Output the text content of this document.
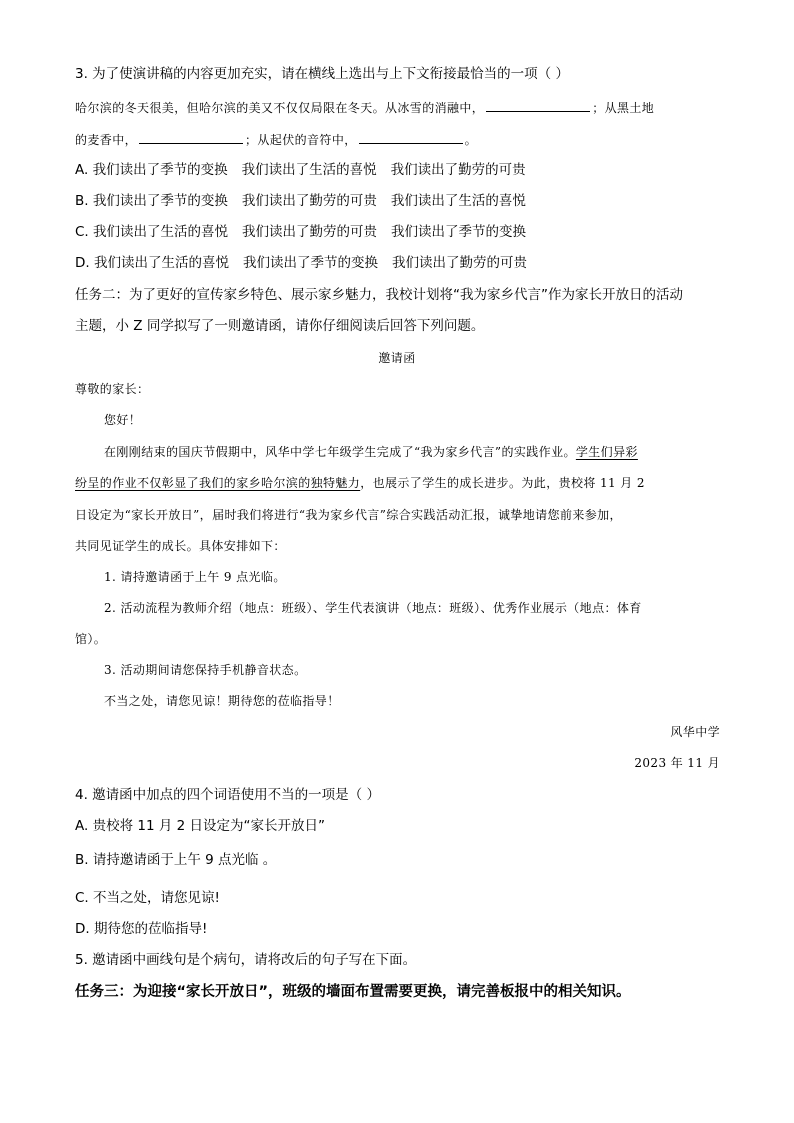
3. 为了使演讲稿的内容更加充实，请在横线上选出与上下文衔接最恰当的一项（ ）
哈尔滨的冬天很美，但哈尔滨的美又不仅仅局限在冬天。从冰雪的消融中，	；从黑土地
的麦香中，	；从起伏的音符中，	。
A. 我们读出了季节的变换 我们读出了生活的喜悦 我们读出了勤劳的可贵
B. 我们读出了季节的变换 我们读出了勤劳的可贵 我们读出了生活的喜悦
C. 我们读出了生活的喜悦 我们读出了勤劳的可贵 我们读出了季节的变换
D. 我们读出了生活的喜悦 我们读出了季节的变换 我们读出了勤劳的可贵
任务二：为了更好的宣传家乡特色、展示家乡魅力，我校计划将“我为家乡代言”作为家长开放日的活动
主题，小 Z 同学拟写了一则邀请函，请你仔细阅读后回答下列问题。
邀请函
尊敬的家长：
您好！
在刚刚结束的国庆节假期中，风华中学七年级学生完成了“我为家乡代言”的实践作业。学生们异彩
纷呈的作业不仅彰显了我们的家乡哈尔滨的独特魅力，也展示了学生的成长进步。为此，贵校将 11 月 2
日设定为“家长开放日”，届时我们将进行“我为家乡代言”综合实践活动汇报，诚挚地请您前来参加，
共同见证学生的成长。具体安排如下：
1. 请持邀请函于上午 9 点光临。
2. 活动流程为教师介绍（地点：班级）、学生代表演讲（地点：班级）、优秀作业展示（地点：体育
馆）。
3. 活动期间请您保持手机静音状态。
不当之处，请您见谅！期待您的莅临指导！
风华中学
2023 年 11 月
4. 邀请函中加点的四个词语使用不当的一项是（ ）
A. 贵校将 11 月 2 日设定为“家长开放日”
B. 请持邀请函于上午 9 点光临 。
C. 不当之处，请您见谅!
D. 期待您的莅临指导!
5. 邀请函中画线句是个病句，请将改后的句子写在下面。
任务三：为迎接“家长开放日”，班级的墙面布置需要更换，请完善板报中的相关知识。
